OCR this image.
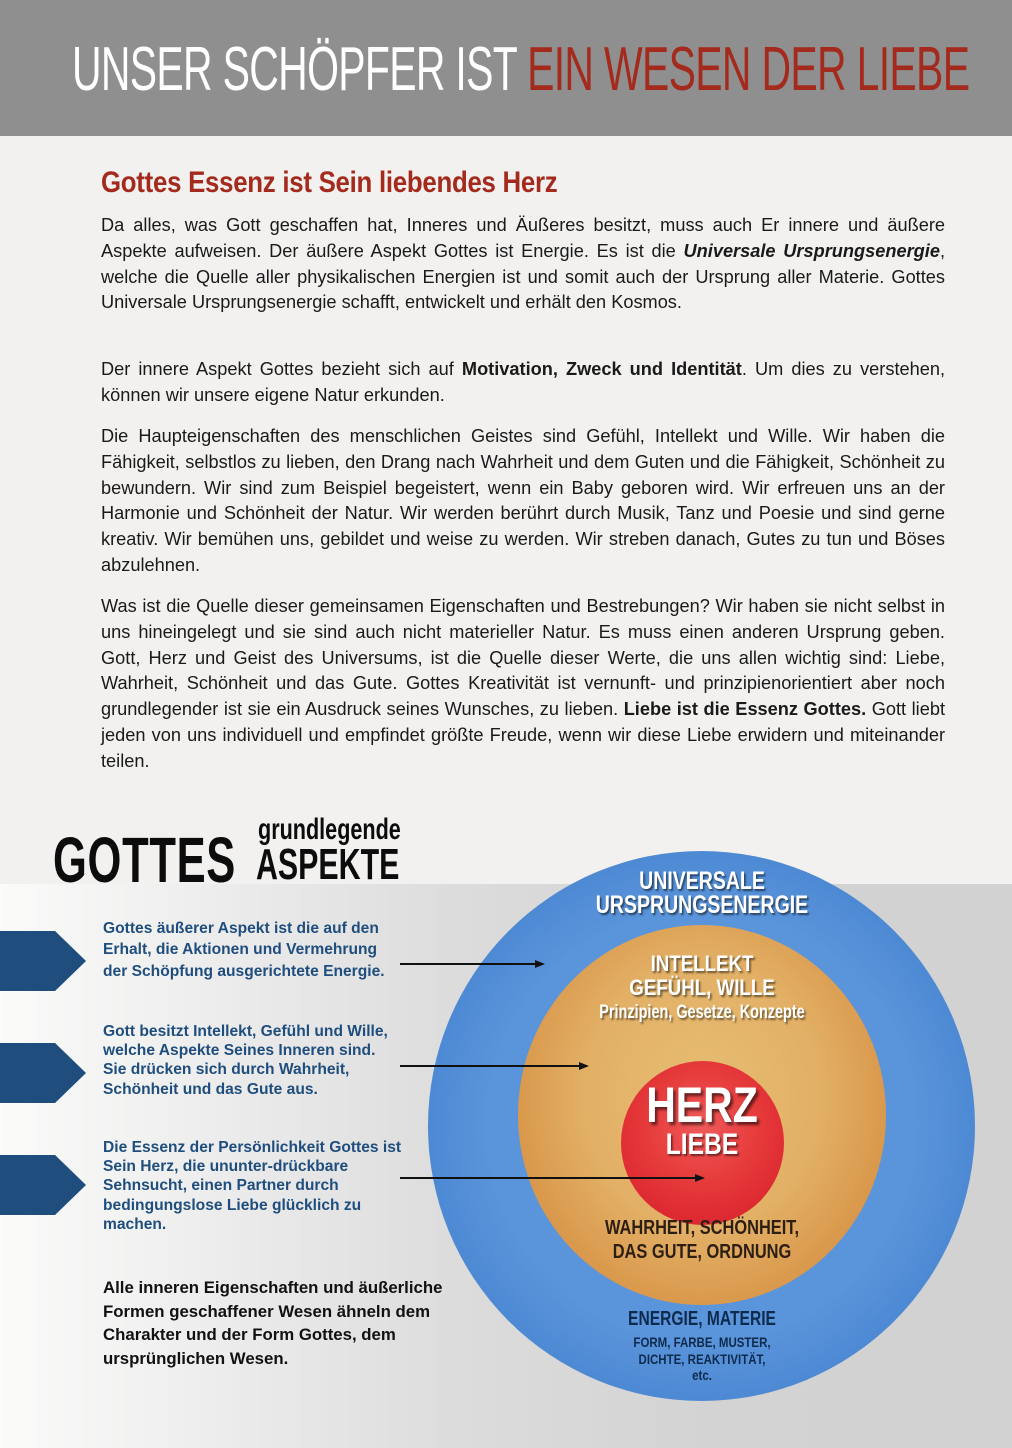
UNSER SCHÖPFER IST EIN WESEN DER LIEBE
Gottes Essenz ist Sein liebendes Herz

Da alles, was Gott geschaffen hat, Inneres und Äußeres besitzt, muss auch Er innere und äußere Aspekte aufweisen. Der äußere Aspekt Gottes ist Energie. Es ist die Universale Ursprungsenergie, welche die Quelle aller physikalischen Energien ist und somit auch der Ursprung aller Materie. Gottes Universale Ursprungsenergie schafft, entwickelt und erhält den Kosmos.

Der innere Aspekt Gottes bezieht sich auf Motivation, Zweck und Identität. Um dies zu verstehen, können wir unsere eigene Natur erkunden.

Die Haupteigenschaften des menschlichen Geistes sind Gefühl, Intellekt und Wille. Wir haben die Fähigkeit, selbstlos zu lieben, den Drang nach Wahrheit und dem Guten und die Fähigkeit, Schönheit zu bewundern. Wir sind zum Beispiel begeistert, wenn ein Baby geboren wird. Wir erfreuen uns an der Harmonie und Schönheit der Natur. Wir werden berührt durch Musik, Tanz und Poesie und sind gerne kreativ. Wir bemühen uns, gebildet und weise zu werden. Wir streben danach, Gutes zu tun und Böses abzulehnen.

Was ist die Quelle dieser gemeinsamen Eigenschaften und Bestrebungen? Wir haben sie nicht selbst in uns hineingelegt und sie sind auch nicht materieller Natur. Es muss einen anderen Ursprung geben. Gott, Herz und Geist des Universums, ist die Quelle dieser Werte, die uns allen wichtig sind: Liebe, Wahrheit, Schönheit und das Gute. Gottes Kreativität ist vernunft- und prinzipienorientiert aber noch grundlegender ist sie ein Ausdruck seines Wunsches, zu lieben. Liebe ist die Essenz Gottes. Gott liebt jeden von uns individuell und empfindet größte Freude, wenn wir diese Liebe erwidern und miteinander teilen.

GOTTES grundlegende
ASPEKTE

Gottes äußerer Aspekt ist die auf den Erhalt, die Aktionen und Vermehrung der Schöpfung ausgerichtete Energie.

Gott besitzt Intellekt, Gefühl und Wille, welche Aspekte Seines Inneren sind. Sie drücken sich durch Wahrheit, Schönheit und das Gute aus.

Die Essenz der Persönlichkeit Gottes ist Sein Herz, die ununter-drückbare Sehnsucht, einen Partner durch bedingungslose Liebe glücklich zu machen.

Alle inneren Eigenschaften und äußerliche Formen geschaffener Wesen ähneln dem Charakter und der Form Gottes, dem ursprünglichen Wesen.

UNIVERSALE
URSPRUNGSENERGIE
INTELLEKT
GEFÜHL, WILLE
Prinzipien, Gesetze, Konzepte
HERZ
LIEBE
WAHRHEIT, SCHÖNHEIT,
DAS GUTE, ORDNUNG
ENERGIE, MATERIE
FORM, FARBE, MUSTER,
DICHTE, REAKTIVITÄT,
etc.
